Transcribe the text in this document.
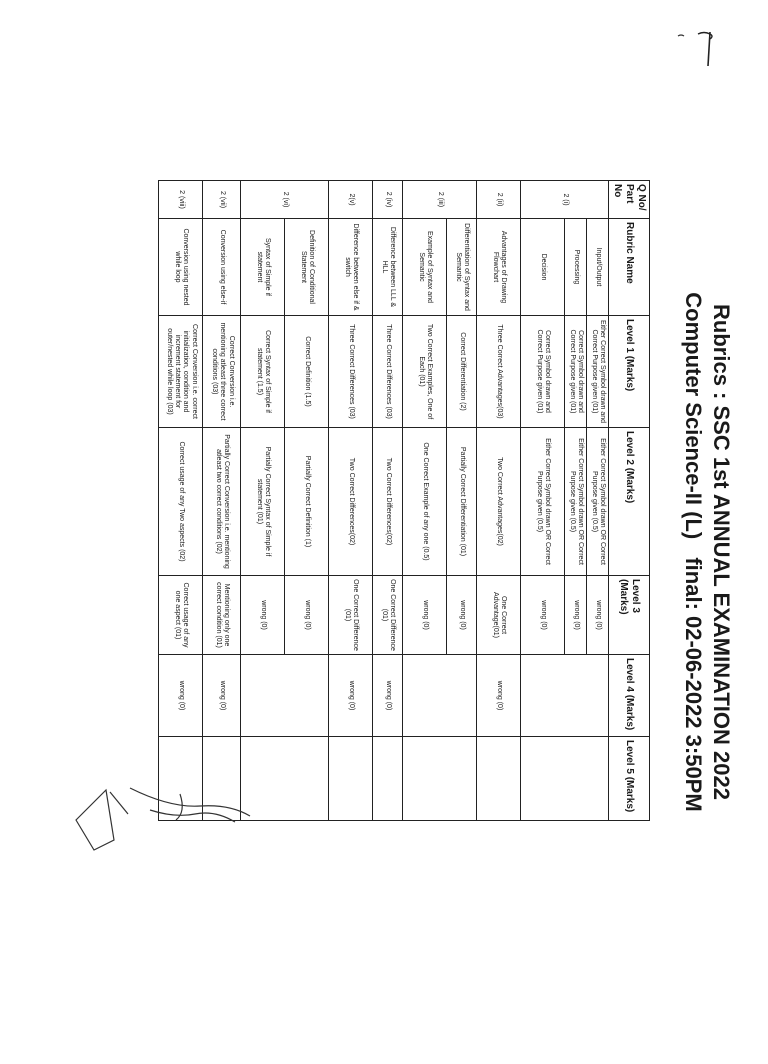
Rubrics : SSC 1st ANNUAL EXAMINATION 2022
Computer Science-II (L) final: 02-06-2022 3:50PM
Q No/ Part No	Rubric Name	Level 1 (Marks)	Level 2 (Marks)	Level 3 (Marks)	Level 4 (Marks)	Level 5 (Marks)
2 (i)	Input/Output	Either Correct Symbol drawn and Correct Purpose given (01)	Either Correct Symbol drawn OR Correct Purpose given (0.5)	wrong (0)		
	Processing	Correct Symbol drawn and Correct Purpose given (01)	Either Correct Symbol drawn OR Correct Purpose given (0.5)	wrong (0)		
	Decision	Correct Symbol drawn and Correct Purpose given (01)	Either Correct Symbol drawn OR Correct Purpose given (0.5)	wrong (0)		
2 (ii)	Advantages of Drawing Flowchart	Three Correct Advantages(03)	Two Correct Advantages(02)	One Correct Advantage(01)	wrong (0)	
2 (iii)	Differentiation of Syntax and Semantic	Correct Differentiation (2)	Partially Correct Differentiation (01)	wrong (0)		
	Example of Syntax and Semantic	Two Correct Examples, One of Each (01)	One Correct Example of any one (0.5)	wrong (0)		
2 (iv)	Difference between LLL & HLL	Three Correct Differences (03)	Two Correct Differences(02)	One Correct Difference (01)	wrong (0)	
2(v)	Difference between else if & switch	Three Correct Differences (03)	Two Correct Differences(02)	One Correct Difference (01)	wrong (0)	
2 (vi)	Definition of Conditional Statement	Correct Definition (1.5)	Partially Correct Definition (1)	wrong (0)		
	Syntax of Simple if statement	Correct Syntax of Simple if statement (1.5)	Partially Correct Syntax of Simple if statement (01)	wrong (0)		
2 (vii)	Conversion using else-if	Correct Conversion i.e. mentioning atleast three correct conditions (03)	Partially Correct Conversion i.e. mentioning atleast two correct conditions (02)	Mentioning only one correct condition (01)	wrong (0)	
2 (viii)	Conversion using nested while loop	Correct Conversion i.e. correct initialization, condition and increment statement for outer/nested while loop (03)	Correct usage of any Two aspects (02)	Correct usage of any one aspect (01)	wrong (0)	
